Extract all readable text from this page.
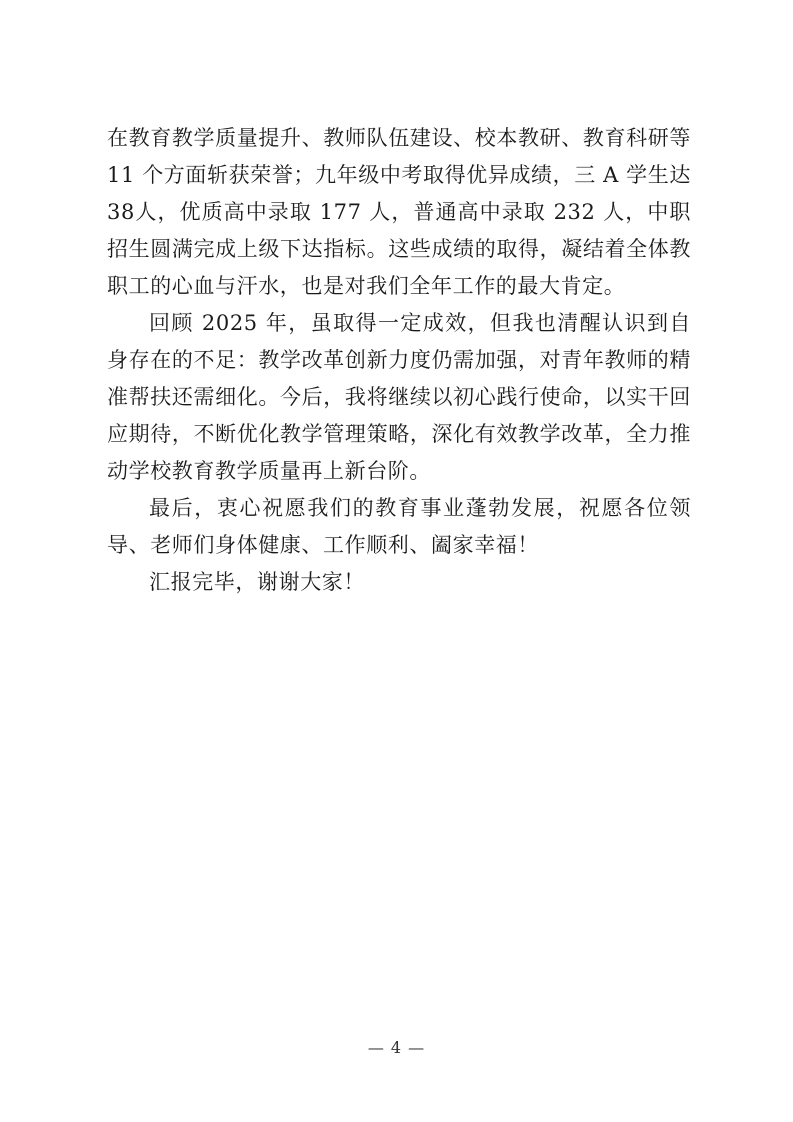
在教育教学质量提升、教师队伍建设、校本教研、教育科研等11 个方面斩获荣誉；九年级中考取得优异成绩，三 A 学生达 38人，优质高中录取 177 人，普通高中录取 232 人，中职招生圆满完成上级下达指标。这些成绩的取得，凝结着全体教职工的心血与汗水，也是对我们全年工作的最大肯定。

回顾 2025 年，虽取得一定成效，但我也清醒认识到自身存在的不足：教学改革创新力度仍需加强，对青年教师的精准帮扶还需细化。今后，我将继续以初心践行使命，以实干回应期待，不断优化教学管理策略，深化有效教学改革，全力推动学校教育教学质量再上新台阶。

最后，衷心祝愿我们的教育事业蓬勃发展，祝愿各位领导、老师们身体健康、工作顺利、阖家幸福！

汇报完毕，谢谢大家！

— 4 —
